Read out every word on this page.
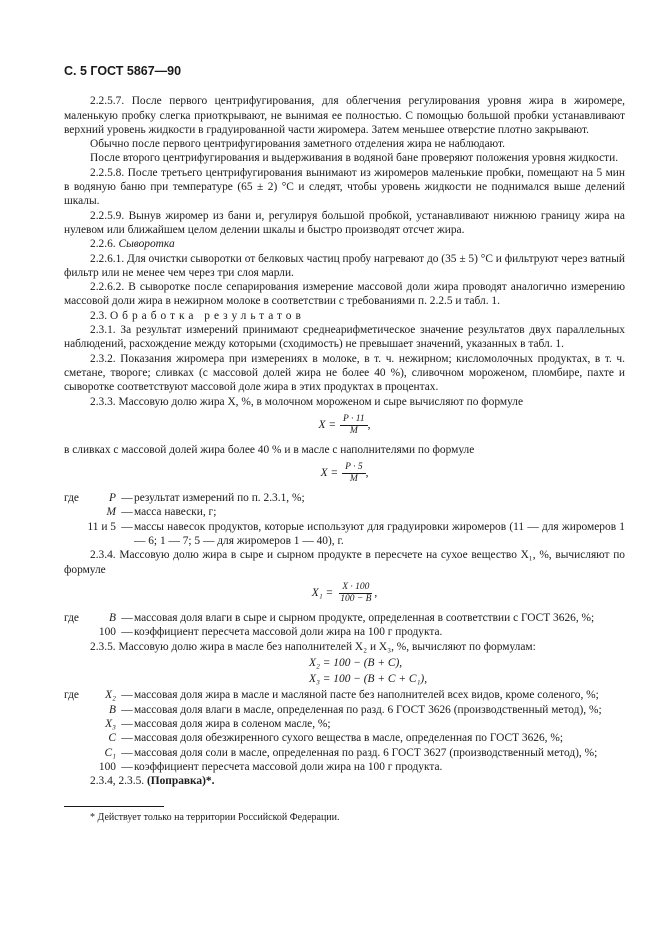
С. 5 ГОСТ 5867—90

2.2.5.7. После первого центрифугирования, для облегчения регулирования уровня жира в жиромере, маленькую пробку слегка приоткрывают, не вынимая ее полностью. С помощью большой пробки устанавливают верхний уровень жидкости в градуированной части жиромера. Затем меньшее отверстие плотно закрывают.

Обычно после первого центрифугирования заметного отделения жира не наблюдают.

После второго центрифугирования и выдерживания в водяной бане проверяют положения уровня жидкости.

2.2.5.8. После третьего центрифугирования вынимают из жиромеров маленькие пробки, помещают на 5 мин в водяную баню при температуре (65 ± 2) °С и следят, чтобы уровень жидкости не поднимался выше делений шкалы.

2.2.5.9. Вынув жиромер из бани и, регулируя большой пробкой, устанавливают нижнюю границу жира на нулевом или ближайшем целом делении шкалы и быстро производят отсчет жира.

2.2.6. Сыворотка

2.2.6.1. Для очистки сыворотки от белковых частиц пробу нагревают до (35 ± 5) °С и фильтруют через ватный фильтр или не менее чем через три слоя марли.

2.2.6.2. В сыворотке после сепарирования измерение массовой доли жира проводят аналогично измерению массовой доли жира в нежирном молоке в соответствии с требованиями п. 2.2.5 и табл. 1.

2.3. Обработка результатов

2.3.1. За результат измерений принимают среднеарифметическое значение результатов двух параллельных наблюдений, расхождение между которыми (сходимость) не превышает значений, указанных в табл. 1.

2.3.2. Показания жиромера при измерениях в молоке, в т. ч. нежирном; кисломолочных продуктах, в т. ч. сметане, твороге; сливках (с массовой долей жира не более 40 %), сливочном мороженом, пломбире, пахте и сыворотке соответствуют массовой доле жира в этих продуктах в процентах.

2.3.3. Массовую долю жира X, %, в молочном мороженом и сыре вычисляют по формуле

$X = \frac{P \cdot 11}{M}$ ,

в сливках с массовой долей жира более 40 % и в масле с наполнителями по формуле

$X = \frac{P \cdot 5}{M}$ ,
где	P	—	результат измерений по п. 2.3.1, %;
	M	—	масса навески, г;
11 и 5		—	массы навесок продуктов, которые используют для градуировки жиромеров (11 — для жиромеров 1 — 6; 1 — 7; 5 — для жиромеров 1 — 40), г.

2.3.4. Массовую долю жира в сыре и сырном продукте в пересчете на сухое вещество X₁, %, вычисляют по формуле

$X_1 = \frac{X \cdot 100}{100 - B}$ ,
где	B	—	массовая доля влаги в сыре и сырном продукте, определенная в соответствии с ГОСТ 3626, %;
100		—	коэффициент пересчета массовой доли жира на 100 г продукта.

2.3.5. Массовую долю жира в масле без наполнителей X₂ и X₃, %, вычисляют по формулам:

X₂ = 100 − (B + C),
X₃ = 100 − (B + C + C₁),
где	X₂	—	массовая доля жира в масле и масляной пасте без наполнителей всех видов, кроме соленого, %;
	B	—	массовая доля влаги в масле, определенная по разд. 6 ГОСТ 3626 (производственный метод), %;
	X₃	—	массовая доля жира в соленом масле, %;
	C	—	массовая доля обезжиренного сухого вещества в масле, определенная по ГОСТ 3626, %;
	C₁	—	массовая доля соли в масле, определенная по разд. 6 ГОСТ 3627 (производственный метод), %;
100		—	коэффициент пересчета массовой доли жира на 100 г продукта.

2.3.4, 2.3.5. (Поправка)*.

* Действует только на территории Российской Федерации.
